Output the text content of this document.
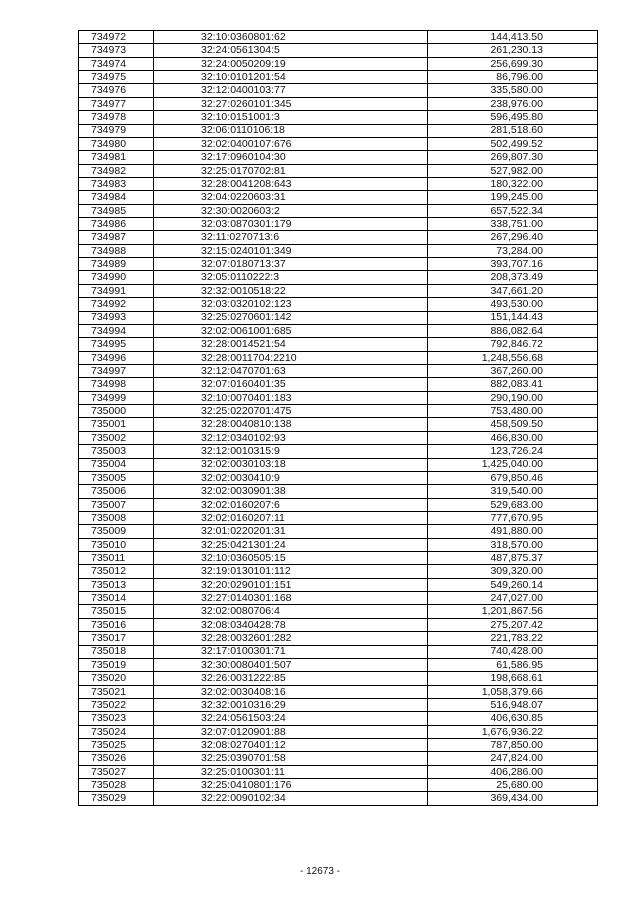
734972	32:10:0360801:62	144,413.50
734973	32:24:0561304:5	261,230.13
734974	32:24:0050209:19	256,699.30
734975	32:10:0101201:54	86,796.00
734976	32:12:0400103:77	335,580.00
734977	32:27:0260101:345	238,976.00
734978	32:10:0151001:3	596,495.80
734979	32:06:0110106:18	281,518.60
734980	32:02:0400107:676	502,499.52
734981	32:17:0960104:30	269,807.30
734982	32:25:0170702:81	527,982.00
734983	32:28:0041208:643	180,322.00
734984	32:04:0220603:31	199,245.00
734985	32:30:0020603:2	657,522.34
734986	32:03:0870301:179	338,751.00
734987	32:11:0270713:6	267,296.40
734988	32:15:0240101:349	73,284.00
734989	32:07:0180713:37	393,707.16
734990	32:05:0110222:3	208,373.49
734991	32:32:0010518:22	347,661.20
734992	32:03:0320102:123	493,530.00
734993	32:25:0270601:142	151,144.43
734994	32:02:0061001:685	886,082.64
734995	32:28:0014521:54	792,846.72
734996	32:28:0011704:2210	1,248,556.68
734997	32:12:0470701:63	367,260.00
734998	32:07:0160401:35	882,083.41
734999	32:10:0070401:183	290,190.00
735000	32:25:0220701:475	753,480.00
735001	32:28:0040810:138	458,509.50
735002	32:12:0340102:93	466,830.00
735003	32:12:0010315:9	123,726.24
735004	32:02:0030103:18	1,425,040.00
735005	32:02:0030410:9	679,850.46
735006	32:02:0030901:38	319,540.00
735007	32:02:0160207:6	529,683.00
735008	32:02:0160207:11	777,670.95
735009	32:01:0220201:31	491,880.00
735010	32:25:0421301:24	318,570.00
735011	32:10:0360505:15	487,875.37
735012	32:19:0130101:112	309,320.00
735013	32:20:0290101:151	549,260.14
735014	32:27:0140301:168	247,027.00
735015	32:02:0080706:4	1,201,867.56
735016	32:08:0340428:78	275,207.42
735017	32:28:0032601:282	221,783.22
735018	32:17:0100301:71	740,428.00
735019	32:30:0080401:507	61,586.95
735020	32:26:0031222:85	198,668.61
735021	32:02:0030408:16	1,058,379.66
735022	32:32:0010316:29	516,948.07
735023	32:24:0561503:24	406,630.85
735024	32:07:0120901:88	1,676,936.22
735025	32:08:0270401:12	787,850.00
735026	32:25:0390701:58	247,824.00
735027	32:25:0100301:11	406,286.00
735028	32:25:0410801:176	25,680.00
735029	32:22:0090102:34	369,434.00
- 12673 -
